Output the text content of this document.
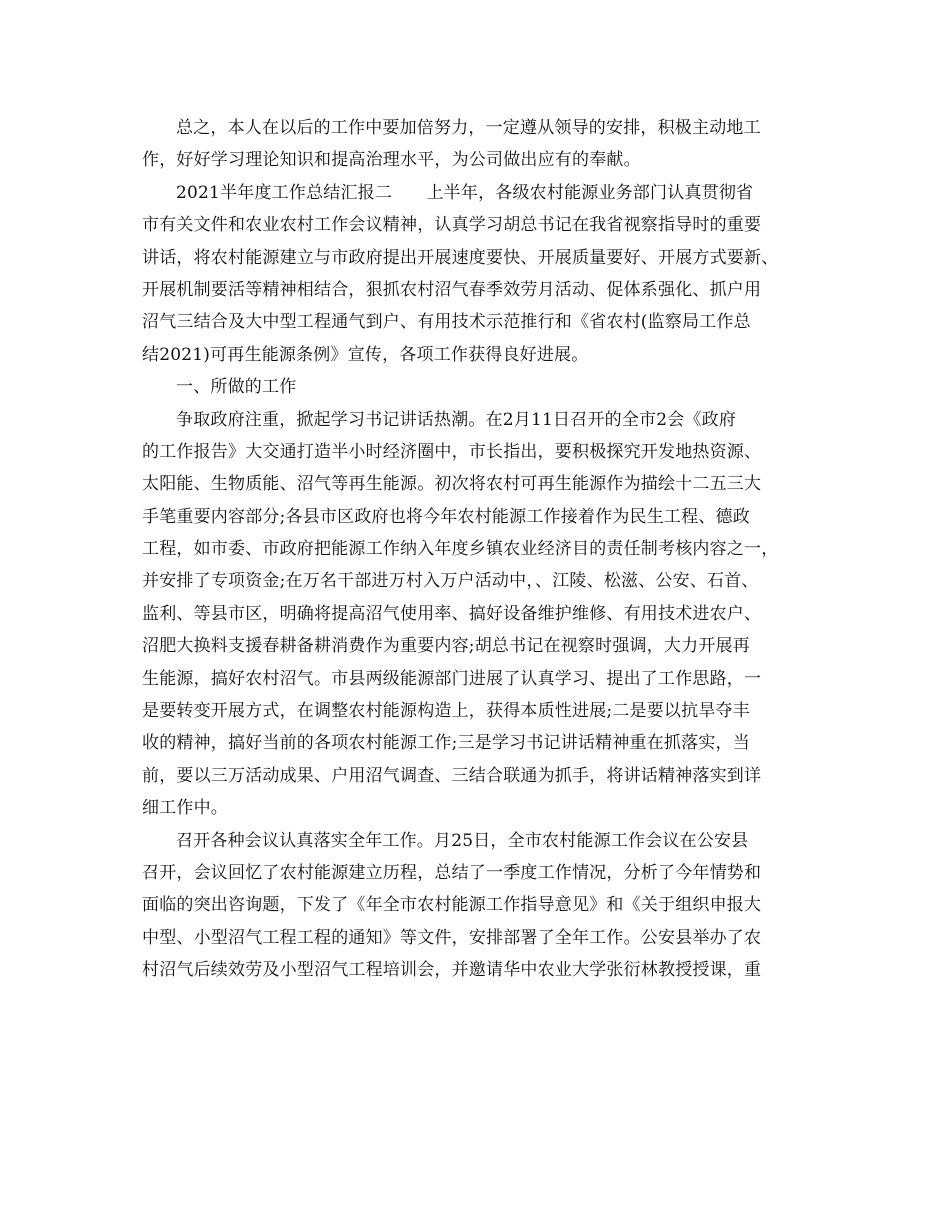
总之，本人在以后的工作中要加倍努力，一定遵从领导的安排，积极主动地工
作，好好学习理论知识和提高治理水平，为公司做出应有的奉献。
2021半年度工作总结汇报二　　上半年，各级农村能源业务部门认真贯彻省
市有关文件和农业农村工作会议精神，认真学习胡总书记在我省视察指导时的重要
讲话，将农村能源建立与市政府提出开展速度要快、开展质量要好、开展方式要新、
开展机制要活等精神相结合，狠抓农村沼气春季效劳月活动、促体系强化、抓户用
沼气三结合及大中型工程通气到户、有用技术示范推行和《省农村(监察局工作总
结2021)可再生能源条例》宣传，各项工作获得良好进展。
一、所做的工作
争取政府注重，掀起学习书记讲话热潮。在2月11日召开的全市2会《政府
的工作报告》大交通打造半小时经济圈中，市长指出，要积极探究开发地热资源、
太阳能、生物质能、沼气等再生能源。初次将农村可再生能源作为描绘十二五三大
手笔重要内容部分;各县市区政府也将今年农村能源工作接着作为民生工程、德政
工程，如市委、市政府把能源工作纳入年度乡镇农业经济目的责任制考核内容之一，
并安排了专项资金;在万名干部进万村入万户活动中，、江陵、松滋、公安、石首、
监利、等县市区，明确将提高沼气使用率、搞好设备维护维修、有用技术进农户、
沼肥大换料支援春耕备耕消费作为重要内容;胡总书记在视察时强调，大力开展再
生能源，搞好农村沼气。市县两级能源部门进展了认真学习、提出了工作思路，一
是要转变开展方式，在调整农村能源构造上，获得本质性进展;二是要以抗旱夺丰
收的精神，搞好当前的各项农村能源工作;三是学习书记讲话精神重在抓落实，当
前，要以三万活动成果、户用沼气调查、三结合联通为抓手，将讲话精神落实到详
细工作中。
召开各种会议认真落实全年工作。月25日，全市农村能源工作会议在公安县
召开，会议回忆了农村能源建立历程，总结了一季度工作情况，分析了今年情势和
面临的突出咨询题，下发了《年全市农村能源工作指导意见》和《关于组织申报大
中型、小型沼气工程工程的通知》等文件，安排部署了全年工作。公安县举办了农
村沼气后续效劳及小型沼气工程培训会，并邀请华中农业大学张衍林教授授课，重
